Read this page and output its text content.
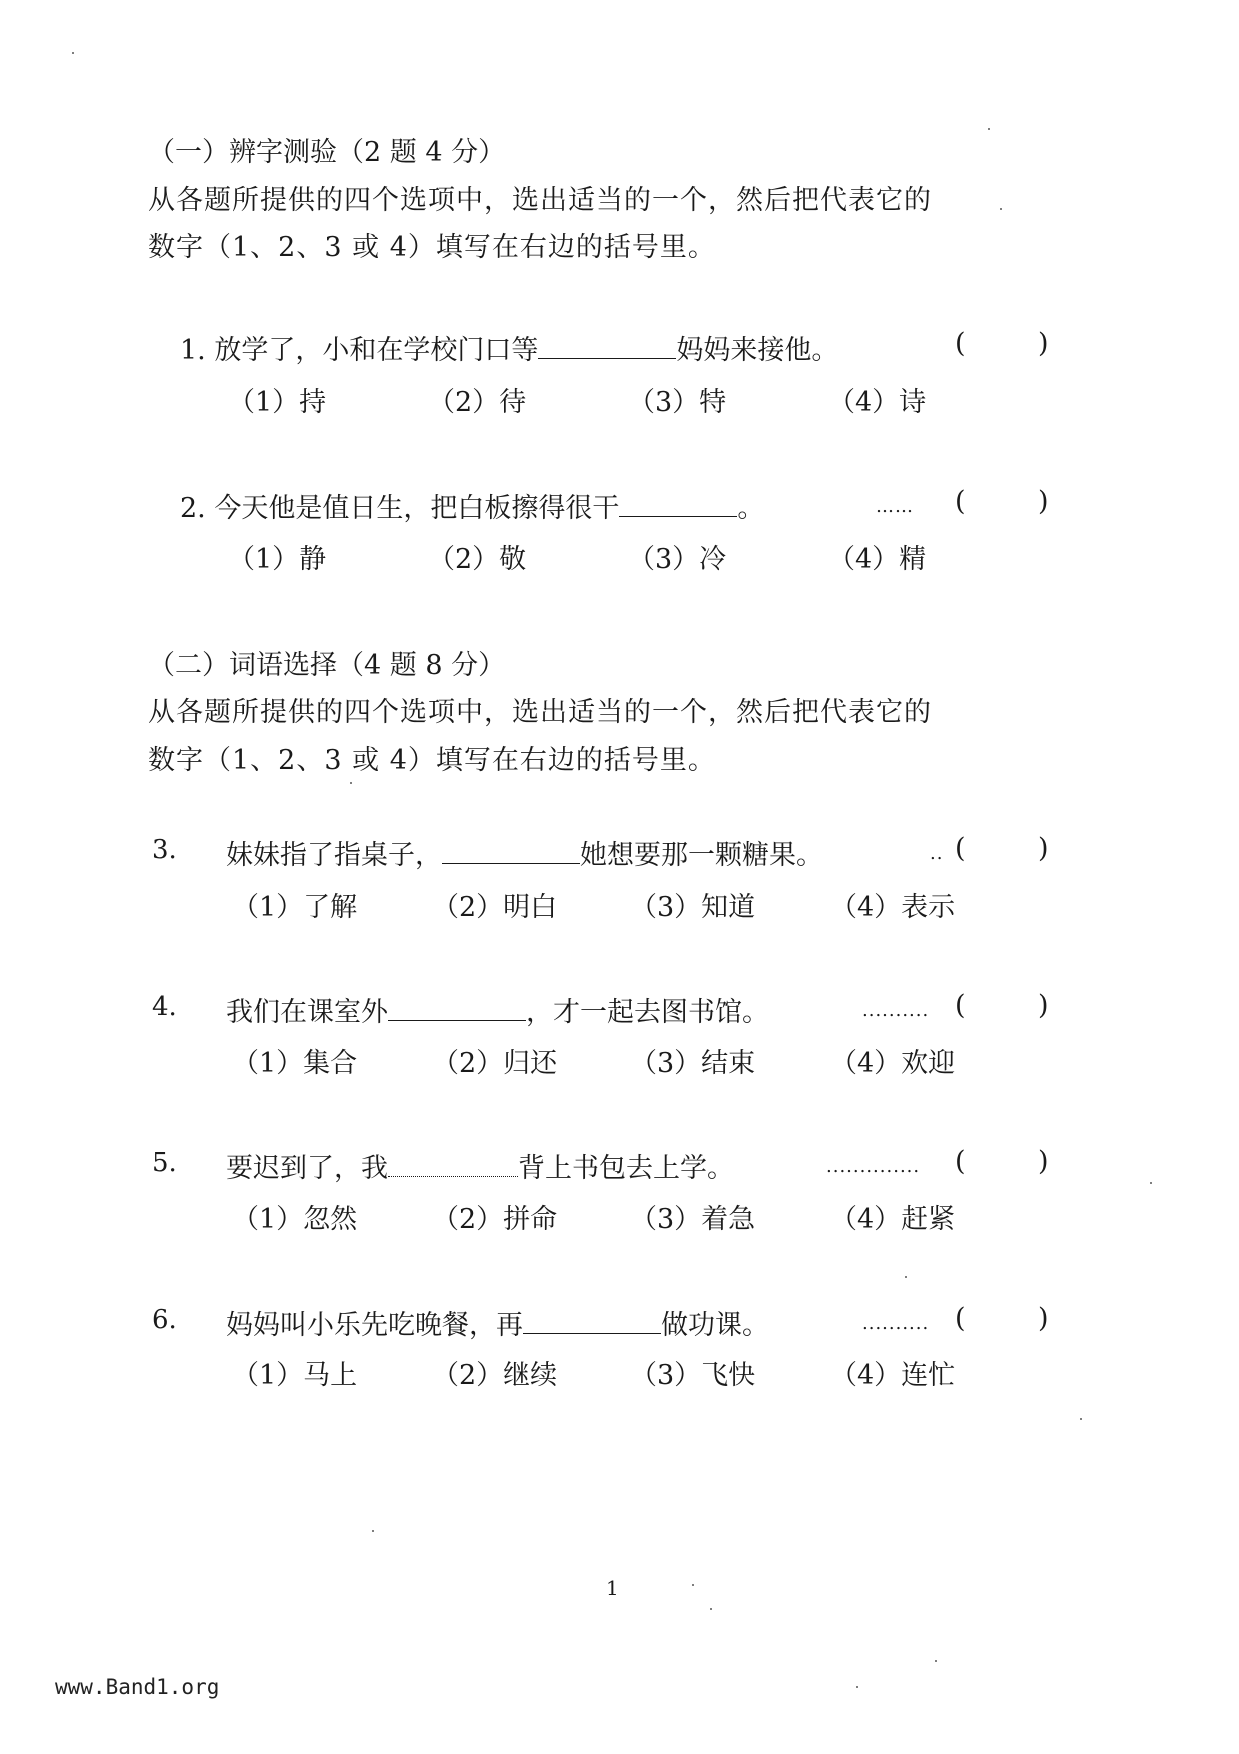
（一）辨字测验（2 题 4 分）
从各题所提供的四个选项中，选出适当的一个，然后把代表它的
数字（1、2、3 或 4）填写在右边的括号里。
1. 放学了，小和在学校门口等	妈妈来接他。	(	)
（1）持	（2）待	（3）特	（4）诗
2. 今天他是值日生，把白板擦得很干	。	…… (	)
（1）静	（2）敬	（3）冷	（4）精
（二）词语选择（4 题 8 分）
从各题所提供的四个选项中，选出适当的一个，然后把代表它的
数字（1、2、3 或 4）填写在右边的括号里。
3. 妹妹指了指桌子，	她想要那一颗糖果。	.. (	)
（1）了解	（2）明白	（3）知道	（4）表示
4. 我们在课室外	，才一起去图书馆。	.......... (	)
（1）集合	（2）归还	（3）结束	（4）欢迎
5. 要迟到了，我	背上书包去上学。	.............. (	)
（1）忽然	（2）拼命	（3）着急	（4）赶紧
6. 妈妈叫小乐先吃晚餐，再	做功课。	.......... (	)
（1）马上	（2）继续	（3）飞快	（4）连忙
1
www.Band1.org
